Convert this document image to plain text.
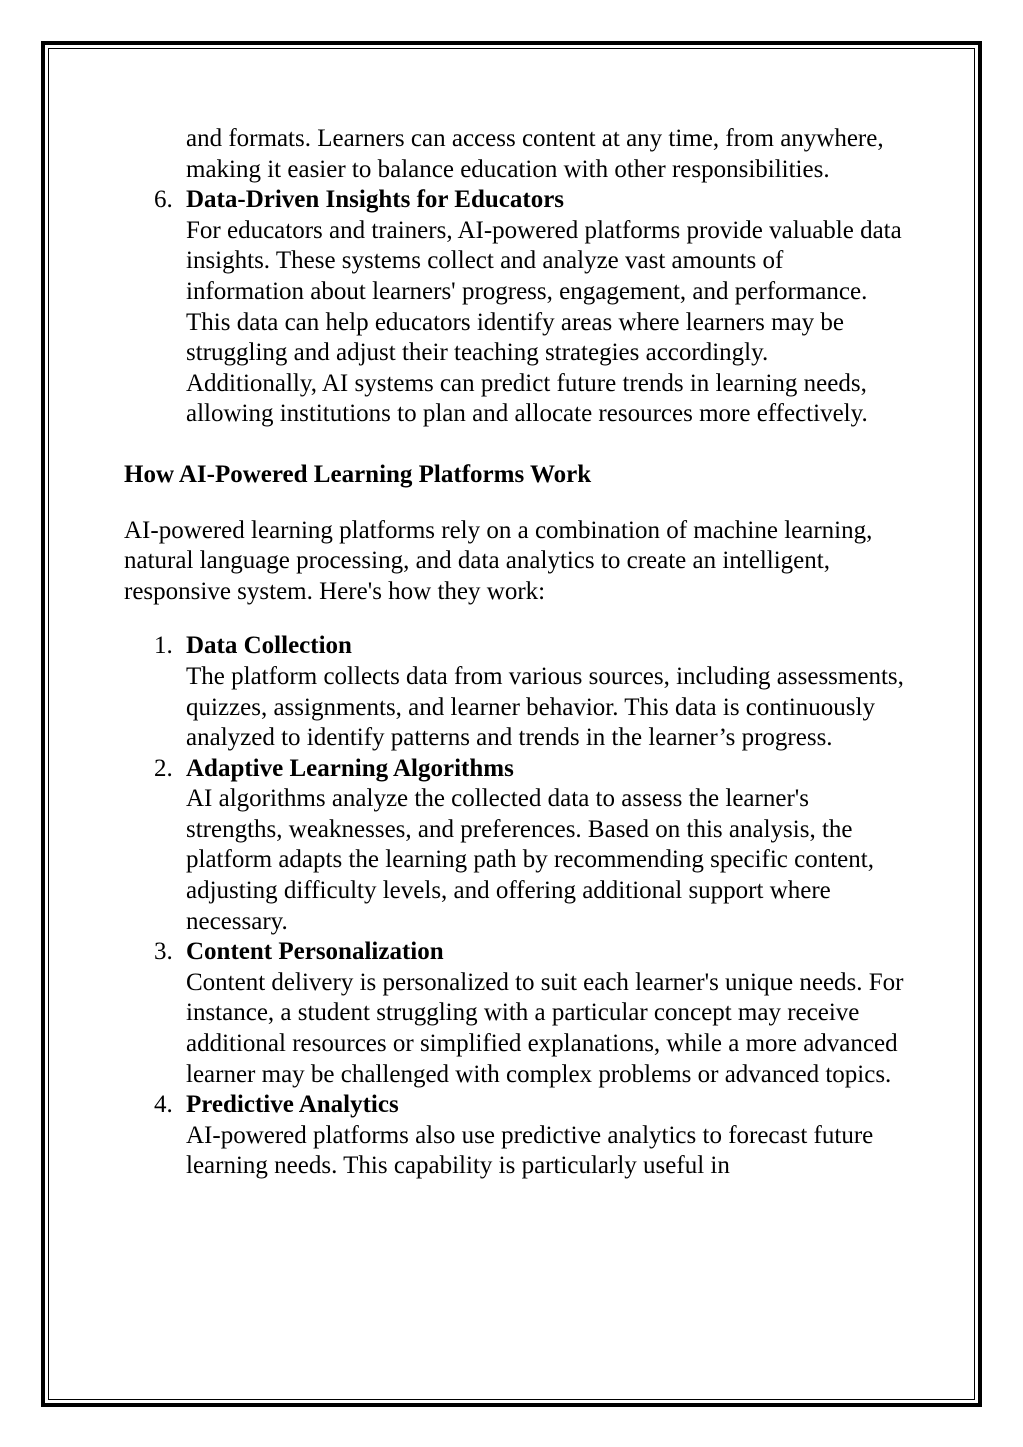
and formats. Learners can access content at any time, from anywhere, making it easier to balance education with other responsibilities.
6. Data-Driven Insights for Educators
For educators and trainers, AI-powered platforms provide valuable data insights. These systems collect and analyze vast amounts of information about learners' progress, engagement, and performance. This data can help educators identify areas where learners may be struggling and adjust their teaching strategies accordingly. Additionally, AI systems can predict future trends in learning needs, allowing institutions to plan and allocate resources more effectively.
How AI-Powered Learning Platforms Work

AI-powered learning platforms rely on a combination of machine learning, natural language processing, and data analytics to create an intelligent, responsive system. Here's how they work:

1. Data Collection
The platform collects data from various sources, including assessments, quizzes, assignments, and learner behavior. This data is continuously analyzed to identify patterns and trends in the learner’s progress.
2. Adaptive Learning Algorithms
AI algorithms analyze the collected data to assess the learner's strengths, weaknesses, and preferences. Based on this analysis, the platform adapts the learning path by recommending specific content, adjusting difficulty levels, and offering additional support where necessary.
3. Content Personalization
Content delivery is personalized to suit each learner's unique needs. For instance, a student struggling with a particular concept may receive additional resources or simplified explanations, while a more advanced learner may be challenged with complex problems or advanced topics.
4. Predictive Analytics
AI-powered platforms also use predictive analytics to forecast future learning needs. This capability is particularly useful in
